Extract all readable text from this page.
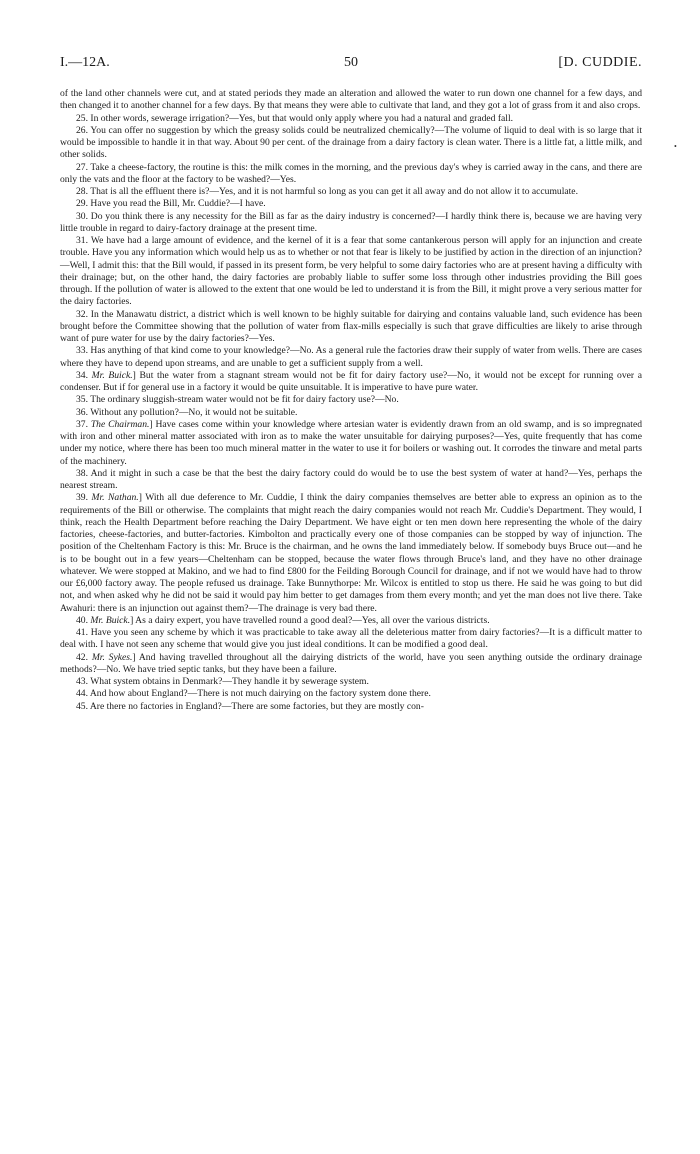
I.—12A.	50	[D. CUDDIE.
•

of the land other channels were cut, and at stated periods they made an alteration and allowed the water to run down one channel for a few days, and then changed it to another channel for a few days. By that means they were able to cultivate that land, and they got a lot of grass from it and also crops.

25. In other words, sewerage irrigation?—Yes, but that would only apply where you had a natural and graded fall.

26. You can offer no suggestion by which the greasy solids could be neutralized chemically?—The volume of liquid to deal with is so large that it would be impossible to handle it in that way. About 90 per cent. of the drainage from a dairy factory is clean water. There is a little fat, a little milk, and other solids.

27. Take a cheese-factory, the routine is this: the milk comes in the morning, and the previous day's whey is carried away in the cans, and there are only the vats and the floor at the factory to be washed?—Yes.

28. That is all the effluent there is?—Yes, and it is not harmful so long as you can get it all away and do not allow it to accumulate.

29. Have you read the Bill, Mr. Cuddie?—I have.

30. Do you think there is any necessity for the Bill as far as the dairy industry is concerned?—I hardly think there is, because we are having very little trouble in regard to dairy-factory drainage at the present time.

31. We have had a large amount of evidence, and the kernel of it is a fear that some cantankerous person will apply for an injunction and create trouble. Have you any information which would help us as to whether or not that fear is likely to be justified by action in the direction of an injunction?—Well, I admit this: that the Bill would, if passed in its present form, be very helpful to some dairy factories who are at present having a difficulty with their drainage; but, on the other hand, the dairy factories are probably liable to suffer some loss through other industries providing the Bill goes through. If the pollution of water is allowed to the extent that one would be led to understand it is from the Bill, it might prove a very serious matter for the dairy factories.

32. In the Manawatu district, a district which is well known to be highly suitable for dairying and contains valuable land, such evidence has been brought before the Committee showing that the pollution of water from flax-mills especially is such that grave difficulties are likely to arise through want of pure water for use by the dairy factories?—Yes.

33. Has anything of that kind come to your knowledge?—No. As a general rule the factories draw their supply of water from wells. There are cases where they have to depend upon streams, and are unable to get a sufficient supply from a well.

34. Mr. Buick.] But the water from a stagnant stream would not be fit for dairy factory use?—No, it would not be except for running over a condenser. But if for general use in a factory it would be quite unsuitable. It is imperative to have pure water.

35. The ordinary sluggish-stream water would not be fit for dairy factory use?—No.

36. Without any pollution?—No, it would not be suitable.

37. The Chairman.] Have cases come within your knowledge where artesian water is evidently drawn from an old swamp, and is so impregnated with iron and other mineral matter associated with iron as to make the water unsuitable for dairying purposes?—Yes, quite frequently that has come under my notice, where there has been too much mineral matter in the water to use it for boilers or washing out. It corrodes the tinware and metal parts of the machinery.

38. And it might in such a case be that the best the dairy factory could do would be to use the best system of water at hand?—Yes, perhaps the nearest stream.

39. Mr. Nathan.] With all due deference to Mr. Cuddie, I think the dairy companies themselves are better able to express an opinion as to the requirements of the Bill or otherwise. The complaints that might reach the dairy companies would not reach Mr. Cuddie's Department. They would, I think, reach the Health Department before reaching the Dairy Department. We have eight or ten men down here representing the whole of the dairy factories, cheese-factories, and butter-factories. Kimbolton and practically every one of those companies can be stopped by way of injunction. The position of the Cheltenham Factory is this: Mr. Bruce is the chairman, and he owns the land immediately below. If somebody buys Bruce out—and he is to be bought out in a few years—Cheltenham can be stopped, because the water flows through Bruce's land, and they have no other drainage whatever. We were stopped at Makino, and we had to find £800 for the Feilding Borough Council for drainage, and if not we would have had to throw our £6,000 factory away. The people refused us drainage. Take Bunnythorpe: Mr. Wilcox is entitled to stop us there. He said he was going to but did not, and when asked why he did not be said it would pay him better to get damages from them every month; and yet the man does not live there. Take Awahuri: there is an injunction out against them?—The drainage is very bad there.

40. Mr. Buick.] As a dairy expert, you have travelled round a good deal?—Yes, all over the various districts.

41. Have you seen any scheme by which it was practicable to take away all the deleterious matter from dairy factories?—It is a difficult matter to deal with. I have not seen any scheme that would give you just ideal conditions. It can be modified a good deal.

42. Mr. Sykes.] And having travelled throughout all the dairying districts of the world, have you seen anything outside the ordinary drainage methods?—No. We have tried septic tanks, but they have been a failure.

43. What system obtains in Denmark?—They handle it by sewerage system.

44. And how about England?—There is not much dairying on the factory system done there.

45. Are there no factories in England?—There are some factories, but they are mostly con-
